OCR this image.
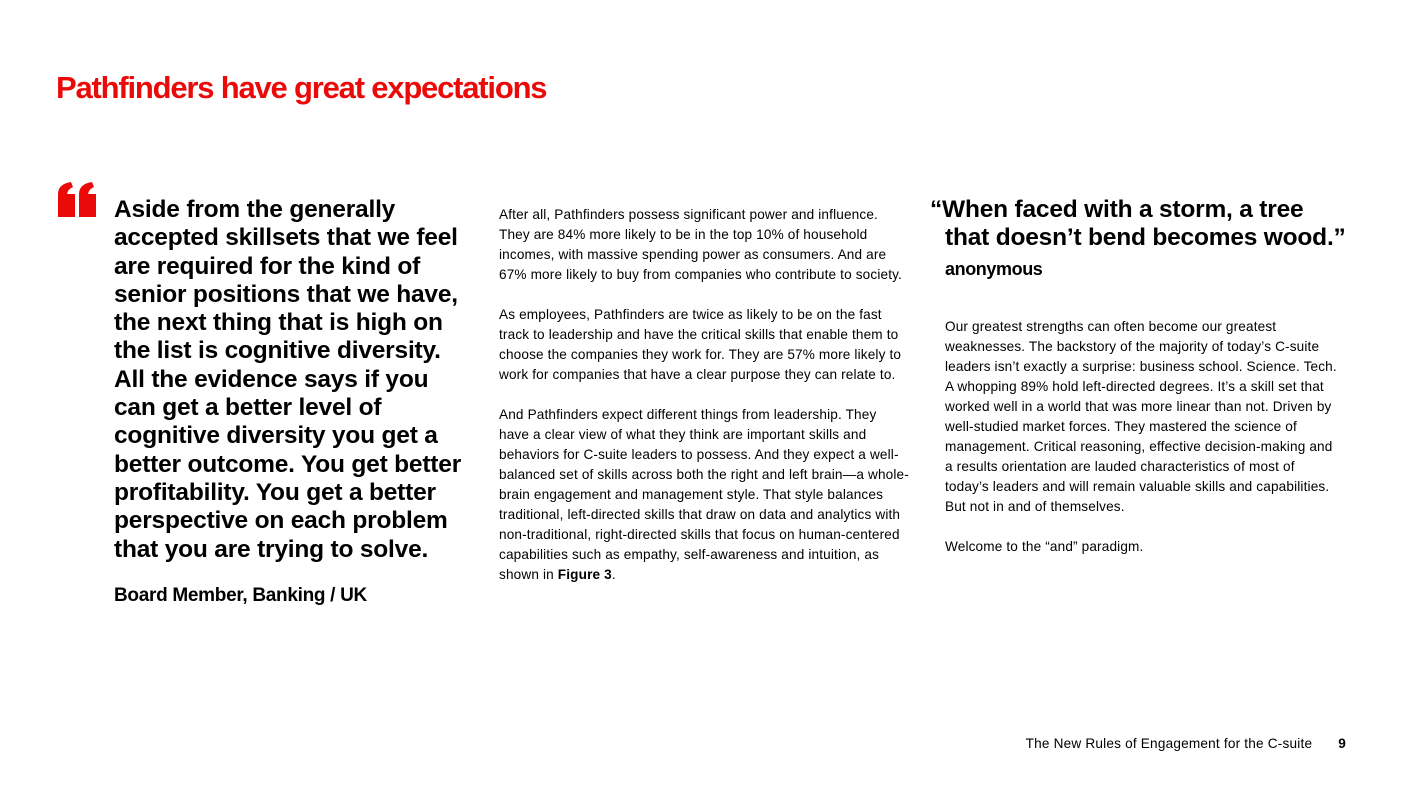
Pathfinders have great expectations

Aside from the generally accepted skillsets that we feel are required for the kind of senior positions that we have, the next thing that is high on the list is cognitive diversity. All the evidence says if you can get a better level of cognitive diversity you get a better outcome. You get better profitability. You get a better perspective on each problem that you are trying to solve.

Board Member, Banking / UK

After all, Pathfinders possess significant power and influence. They are 84% more likely to be in the top 10% of household incomes, with massive spending power as consumers. And are 67% more likely to buy from companies who contribute to society.

As employees, Pathfinders are twice as likely to be on the fast track to leadership and have the critical skills that enable them to choose the companies they work for. They are 57% more likely to work for companies that have a clear purpose they can relate to.

And Pathfinders expect different things from leadership. They have a clear view of what they think are important skills and behaviors for C-suite leaders to possess. And they expect a well-balanced set of skills across both the right and left brain—a whole-brain engagement and management style. That style balances traditional, left-directed skills that draw on data and analytics with non-traditional, right-directed skills that focus on human-centered capabilities such as empathy, self-awareness and intuition, as shown in Figure 3.

“When faced with a storm, a tree that doesn’t bend becomes wood.”

anonymous

Our greatest strengths can often become our greatest weaknesses. The backstory of the majority of today’s C-suite leaders isn’t exactly a surprise: business school. Science. Tech. A whopping 89% hold left-directed degrees. It’s a skill set that worked well in a world that was more linear than not. Driven by well-studied market forces. They mastered the science of management. Critical reasoning, effective decision-making and a results orientation are lauded characteristics of most of today’s leaders and will remain valuable skills and capabilities. But not in and of themselves.

Welcome to the “and” paradigm.

The New Rules of Engagement for the C-suite 9
